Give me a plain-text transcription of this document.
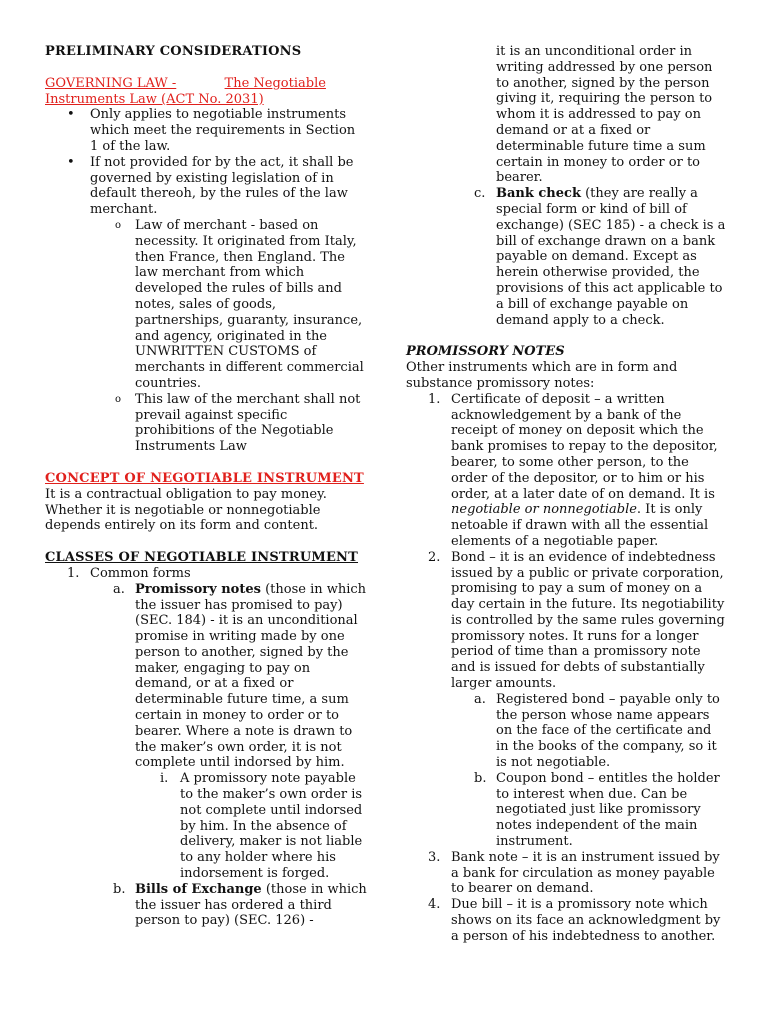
PRELIMINARY CONSIDERATIONS

GOVERNING LAW -	The Negotiable Instruments Law (ACT No. 2031)

• Only applies to negotiable instruments which meet the requirements in Section 1 of the law.
• If not provided for by the act, it shall be governed by existing legislation of in default thereoh, by the rules of the law merchant.
o Law of merchant - based on necessity. It originated from Italy, then France, then England. The law merchant from which developed the rules of bills and notes, sales of goods, partnerships, guaranty, insurance, and agency, originated in the UNWRITTEN CUSTOMS of merchants in different commercial countries.
o This law of the merchant shall not prevail against specific prohibitions of the Negotiable Instruments Law

CONCEPT OF NEGOTIABLE INSTRUMENT

It is a contractual obligation to pay money. Whether it is negotiable or nonnegotiable depends entirely on its form and content.

CLASSES OF NEGOTIABLE INSTRUMENT

1. Common forms
a. Promissory notes (those in which the issuer has promised to pay) (SEC. 184) - it is an unconditional promise in writing made by one person to another, signed by the maker, engaging to pay on demand, or at a fixed or determinable future time, a sum certain in money to order or to bearer. Where a note is drawn to the maker’s own order, it is not complete until indorsed by him.
i. A promissory note payable to the maker’s own order is not complete until indorsed by him. In the absence of delivery, maker is not liable to any holder where his indorsement is forged.
b. Bills of Exchange (those in which the issuer has ordered a third person to pay) (SEC. 126) -
it is an unconditional order in writing addressed by one person to another, signed by the person giving it, requiring the person to whom it is addressed to pay on demand or at a fixed or determinable future time a sum certain in money to order or to bearer.
c. Bank check (they are really a special form or kind of bill of exchange) (SEC 185) - a check is a bill of exchange drawn on a bank payable on demand. Except as herein otherwise provided, the provisions of this act applicable to a bill of exchange payable on demand apply to a check.

PROMISSORY NOTES

Other instruments which are in form and substance promissory notes:

1. Certificate of deposit – a written acknowledgement by a bank of the receipt of money on deposit which the bank promises to repay to the depositor, bearer, to some other person, to the order of the depositor, or to him or his order, at a later date of on demand. It is negotiable or nonnegotiable. It is only netoable if drawn with all the essential elements of a negotiable paper.
2. Bond – it is an evidence of indebtedness issued by a public or private corporation, promising to pay a sum of money on a day certain in the future. Its negotiability is controlled by the same rules governing promissory notes. It runs for a longer period of time than a promissory note and is issued for debts of substantially larger amounts.
a. Registered bond – payable only to the person whose name appears on the face of the certificate and in the books of the company, so it is not negotiable.
b. Coupon bond – entitles the holder to interest when due. Can be negotiated just like promissory notes independent of the main instrument.
3. Bank note – it is an instrument issued by a bank for circulation as money payable to bearer on demand.
4. Due bill – it is a promissory note which shows on its face an acknowledgment by a person of his indebtedness to another.
